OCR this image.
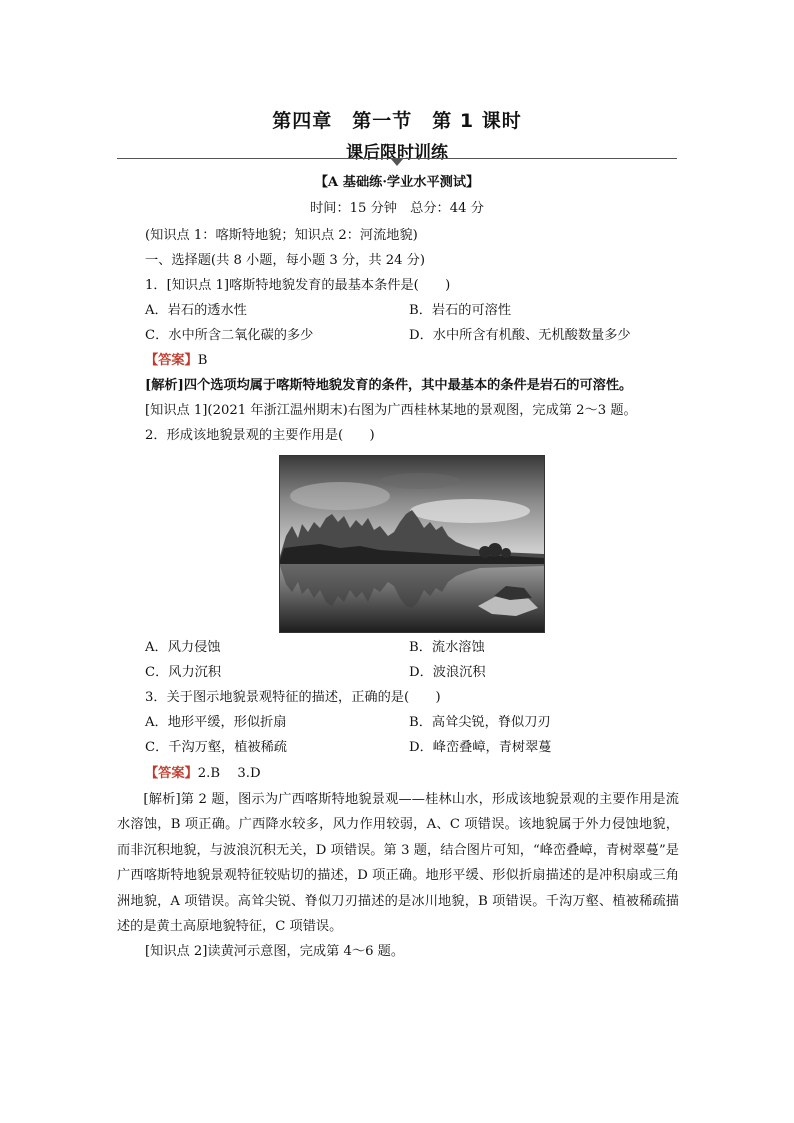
第四章　第一节　第 1 课时
课后限时训练
【A 基础练·学业水平测试】
时间：15 分钟　总分：44 分
(知识点 1：喀斯特地貌；知识点 2：河流地貌)
一、选择题(共 8 小题，每小题 3 分，共 24 分)
1．[知识点 1]喀斯特地貌发育的最基本条件是(　　)
A．岩石的透水性	B．岩石的可溶性
C．水中所含二氧化碳的多少	D．水中所含有机酸、无机酸数量多少
【答案】B
[解析]四个选项均属于喀斯特地貌发育的条件，其中最基本的条件是岩石的可溶性。
[知识点 1](2021 年浙江温州期末)右图为广西桂林某地的景观图，完成第 2～3 题。
2．形成该地貌景观的主要作用是(　　)
A．风力侵蚀	B．流水溶蚀
C．风力沉积	D．波浪沉积
3．关于图示地貌景观特征的描述，正确的是(　　)
A．地形平缓，形似折扇	B．高耸尖锐，脊似刀刃
C．千沟万壑，植被稀疏	D．峰峦叠嶂，青树翠蔓
【答案】2.B　 3.D
[解析]第 2 题，图示为广西喀斯特地貌景观——桂林山水，形成该地貌景观的主要作用是流水溶蚀，B 项正确。广西降水较多，风力作用较弱，A、C 项错误。该地貌属于外力侵蚀地貌，而非沉积地貌，与波浪沉积无关，D 项错误。第 3 题，结合图片可知，“峰峦叠嶂，青树翠蔓”是广西喀斯特地貌景观特征较贴切的描述，D 项正确。地形平缓、形似折扇描述的是冲积扇或三角洲地貌，A 项错误。高耸尖锐、脊似刀刃描述的是冰川地貌，B 项错误。千沟万壑、植被稀疏描述的是黄土高原地貌特征，C 项错误。
[知识点 2]读黄河示意图，完成第 4～6 题。
